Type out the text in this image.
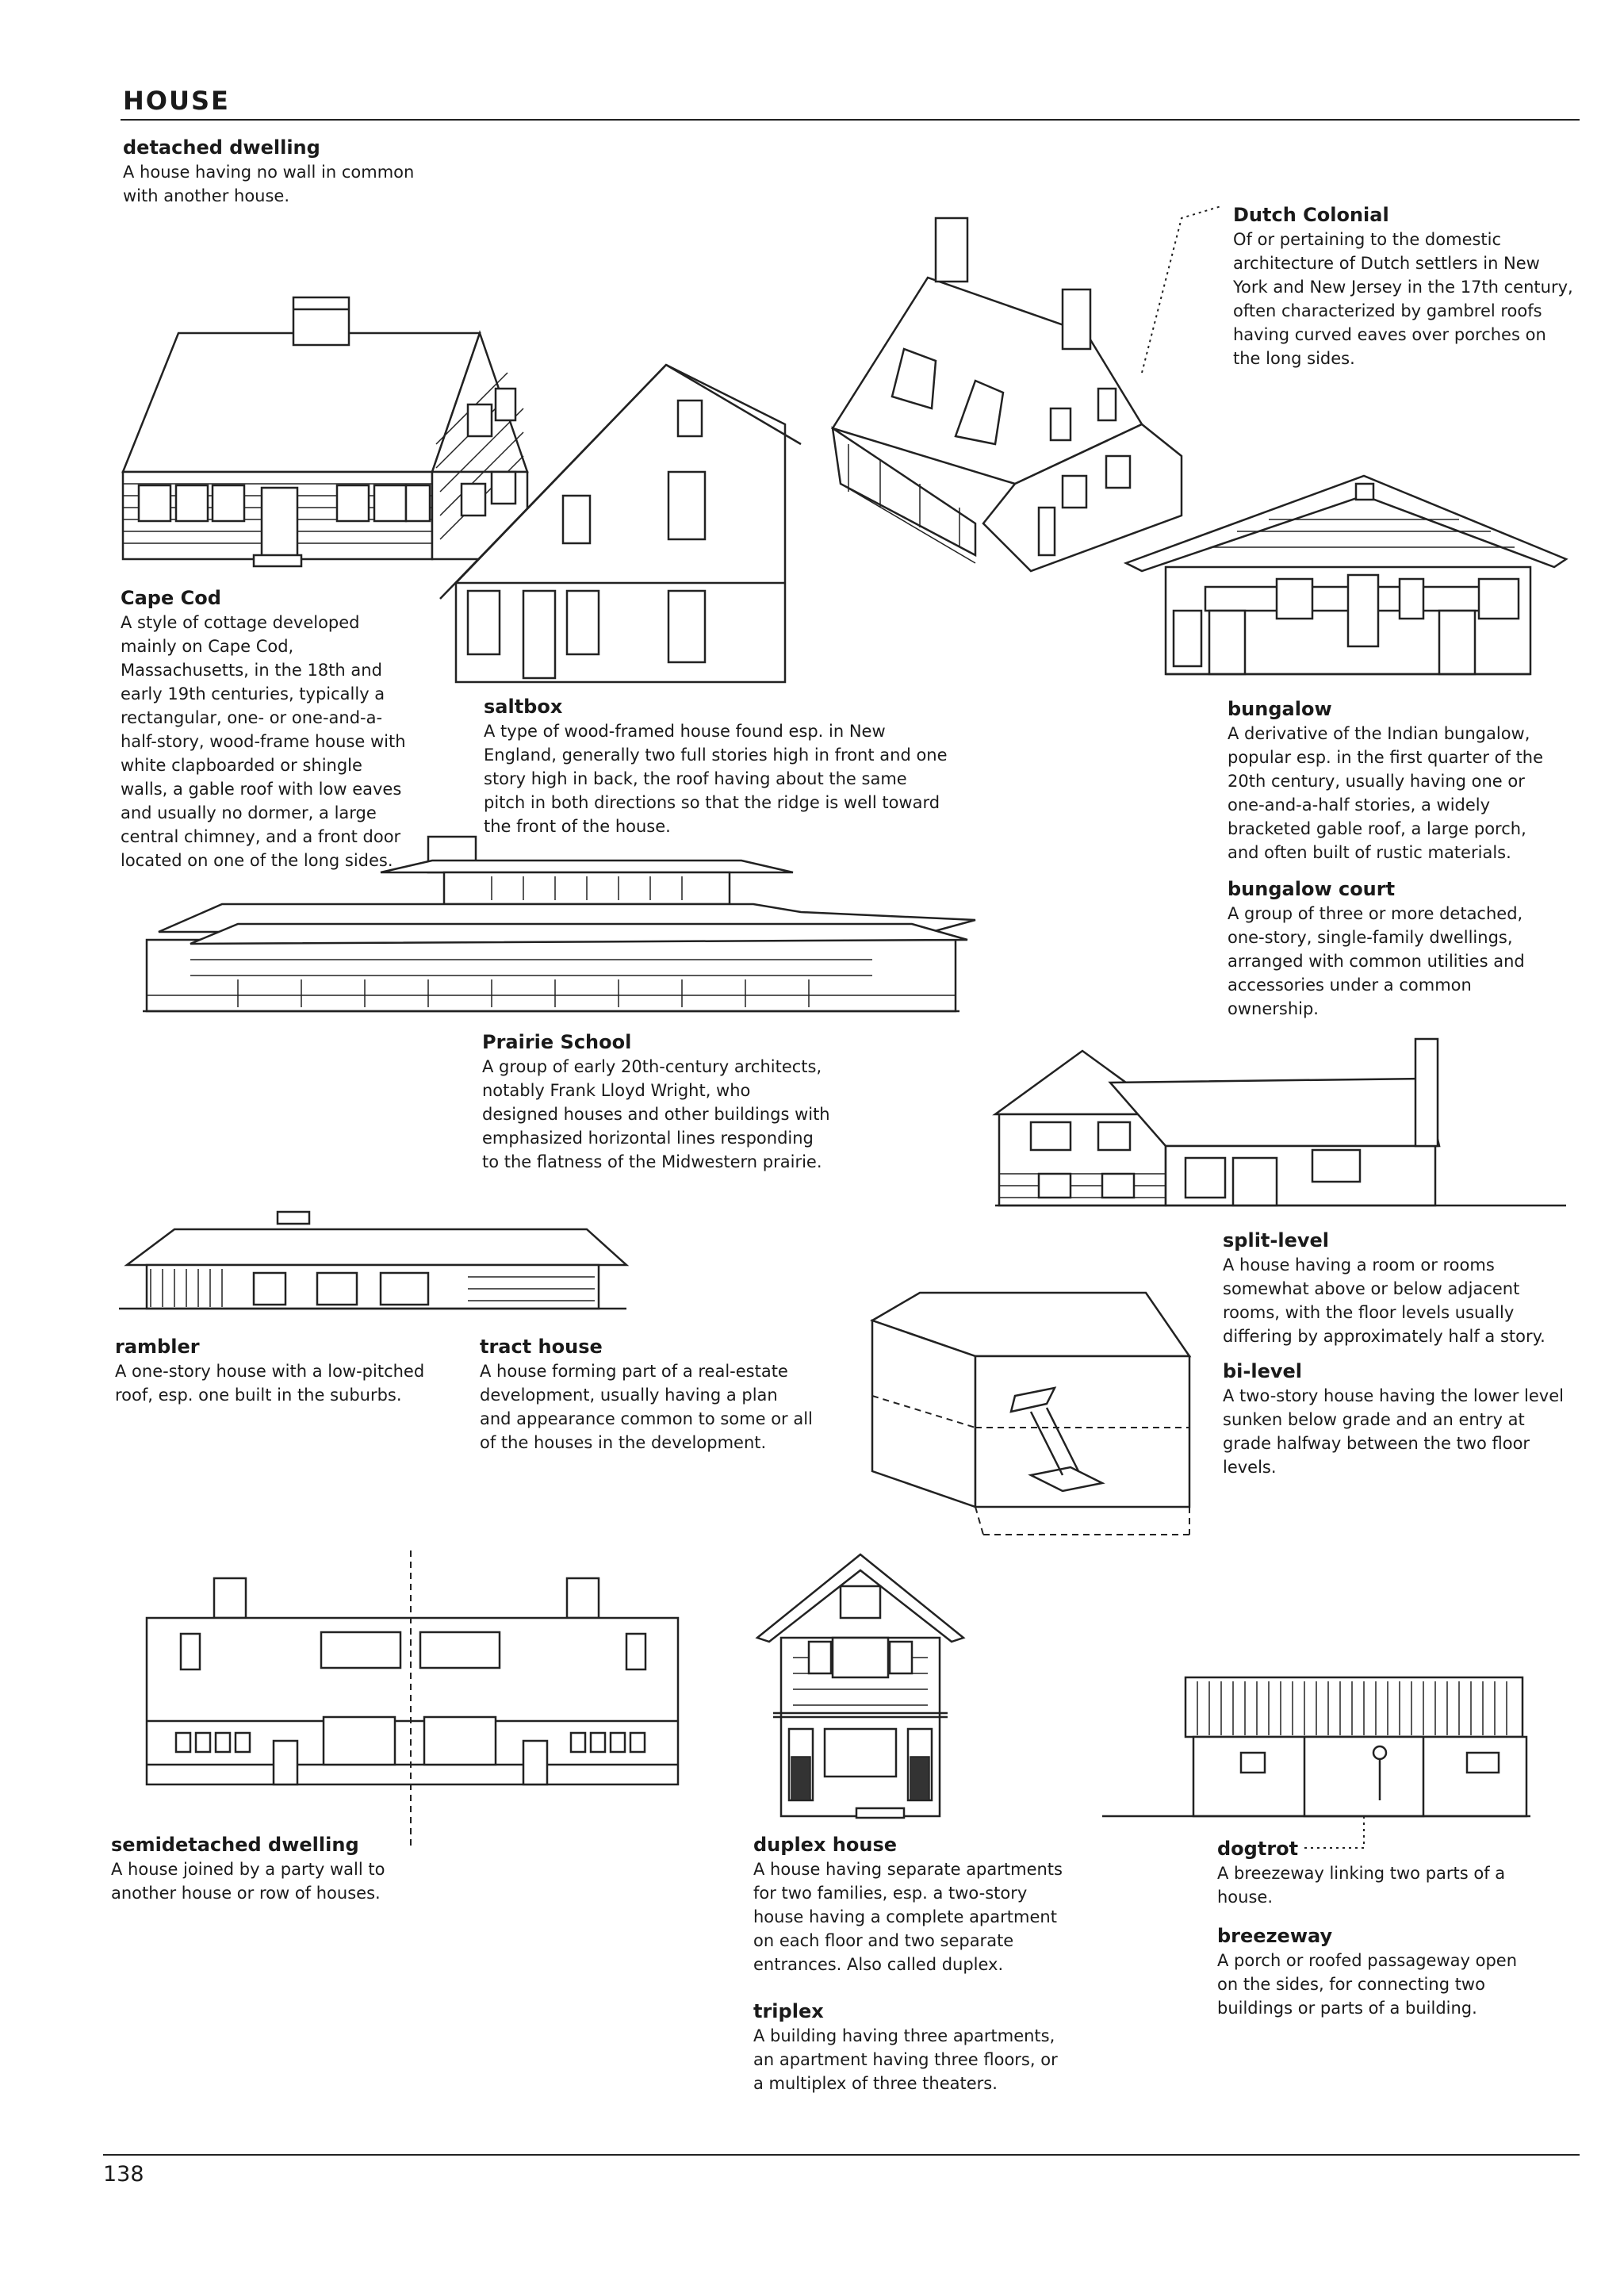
HOUSE
detached dwelling
A house having no wall in common with another house.
Dutch Colonial
Of or pertaining to the domestic architecture of Dutch settlers in New York and New Jersey in the 17th century, often characterized by gambrel roofs having curved eaves over porches on the long sides.
Cape Cod
A style of cottage developed mainly on Cape Cod, Massachusetts, in the 18th and early 19th centuries, typically a rectangular, one- or one-and-a-half-story, wood-frame house with white clapboarded or shingle walls, a gable roof with low eaves and usually no dormer, a large central chimney, and a front door located on one of the long sides.
saltbox
A type of wood-framed house found esp. in New England, generally two full stories high in front and one story high in back, the roof having about the same pitch in both directions so that the ridge is well toward the front of the house.
bungalow
A derivative of the Indian bungalow, popular esp. in the first quarter of the 20th century, usually having one or one-and-a-half stories, a widely bracketed gable roof, a large porch, and often built of rustic materials.
bungalow court
A group of three or more detached, one-story, single-family dwellings, arranged with common utilities and accessories under a common ownership.
Prairie School
A group of early 20th-century architects, notably Frank Lloyd Wright, who designed houses and other buildings with emphasized horizontal lines responding to the flatness of the Midwestern prairie.
split-level
A house having a room or rooms somewhat above or below adjacent rooms, with the floor levels usually differing by approximately half a story.
bi-level
A two-story house having the lower level sunken below grade and an entry at grade halfway between the two floor levels.
rambler
A one-story house with a low-pitched roof, esp. one built in the suburbs.
tract house
A house forming part of a real-estate development, usually having a plan and appearance common to some or all of the houses in the development.
semidetached dwelling
A house joined by a party wall to another house or row of houses.
duplex house
A house having separate apartments for two families, esp. a two-story house having a complete apartment on each floor and two separate entrances. Also called duplex.
triplex
A building having three apartments, an apartment having three floors, or a multiplex of three theaters.
dogtrot
A breezeway linking two parts of a house.
breezeway
A porch or roofed passageway open on the sides, for connecting two buildings or parts of a building.
138
